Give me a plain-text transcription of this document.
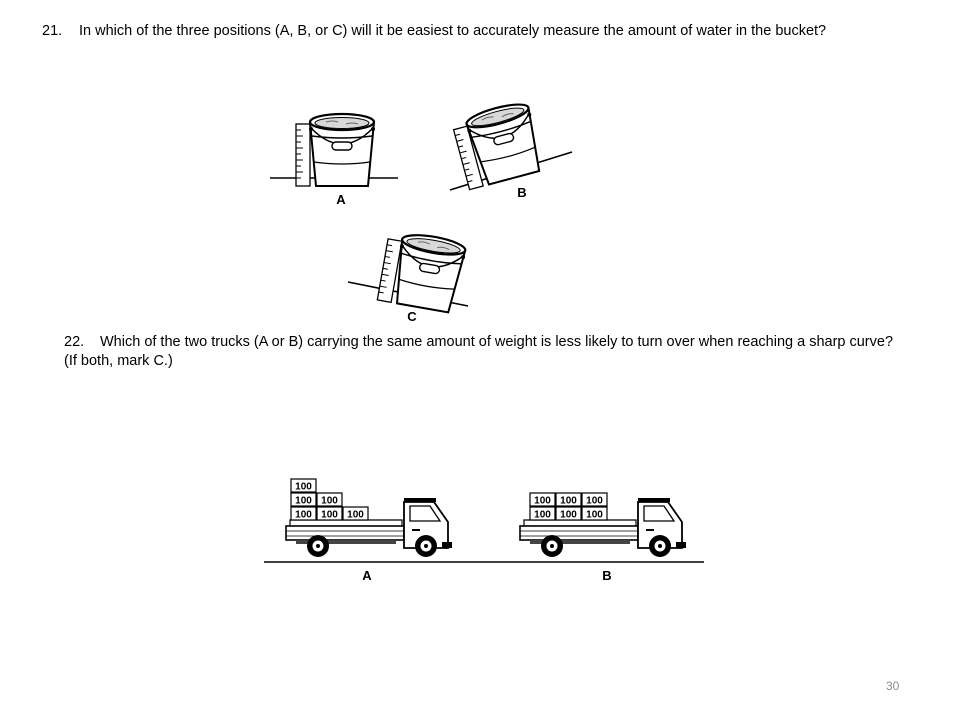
21. In which of the three positions (A, B, or C) will it be easiest to accurately measure the amount of water in the bucket?
A	B
C
22. Which of the two trucks (A or B) carrying the same amount of weight is less likely to turn over when reaching a sharp curve? (If both, mark C.)
100
100
100
100
100
100
A
100
100
100
100
100
100
B
30
